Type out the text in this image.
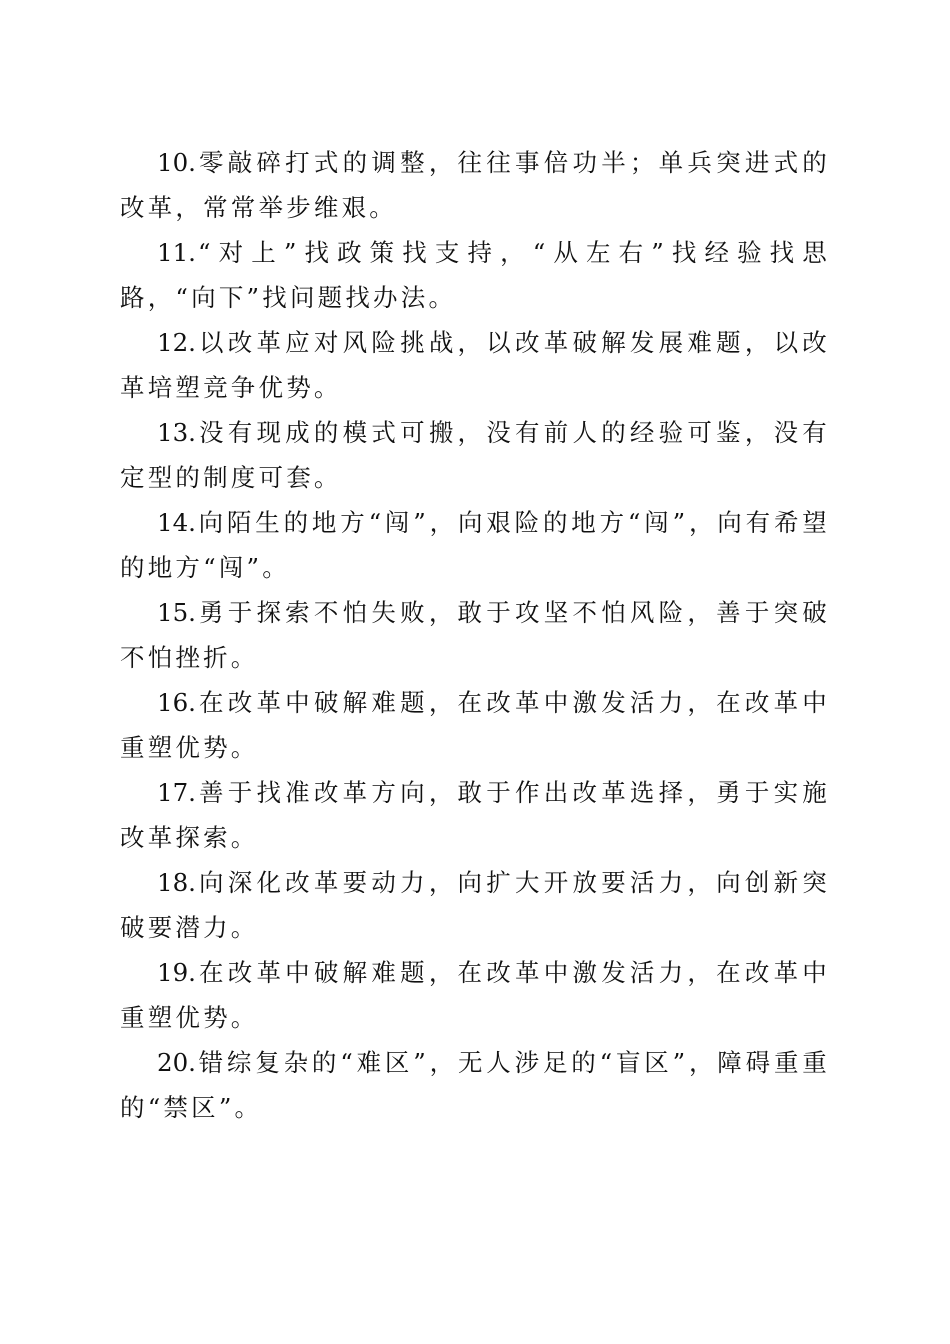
10.零敲碎打式的调整，往往事倍功半；单兵突进式的改革，常常举步维艰。

11.“对上”找政策找支持，“从左右”找经验找思路，“向下”找问题找办法。

12.以改革应对风险挑战，以改革破解发展难题，以改革培塑竞争优势。

13.没有现成的模式可搬，没有前人的经验可鉴，没有定型的制度可套。

14.向陌生的地方“闯”，向艰险的地方“闯”，向有希望的地方“闯”。

15.勇于探索不怕失败，敢于攻坚不怕风险，善于突破不怕挫折。

16.在改革中破解难题，在改革中激发活力，在改革中重塑优势。

17.善于找准改革方向，敢于作出改革选择，勇于实施改革探索。

18.向深化改革要动力，向扩大开放要活力，向创新突破要潜力。

19.在改革中破解难题，在改革中激发活力，在改革中重塑优势。

20.错综复杂的“难区”，无人涉足的“盲区”，障碍重重的“禁区”。
